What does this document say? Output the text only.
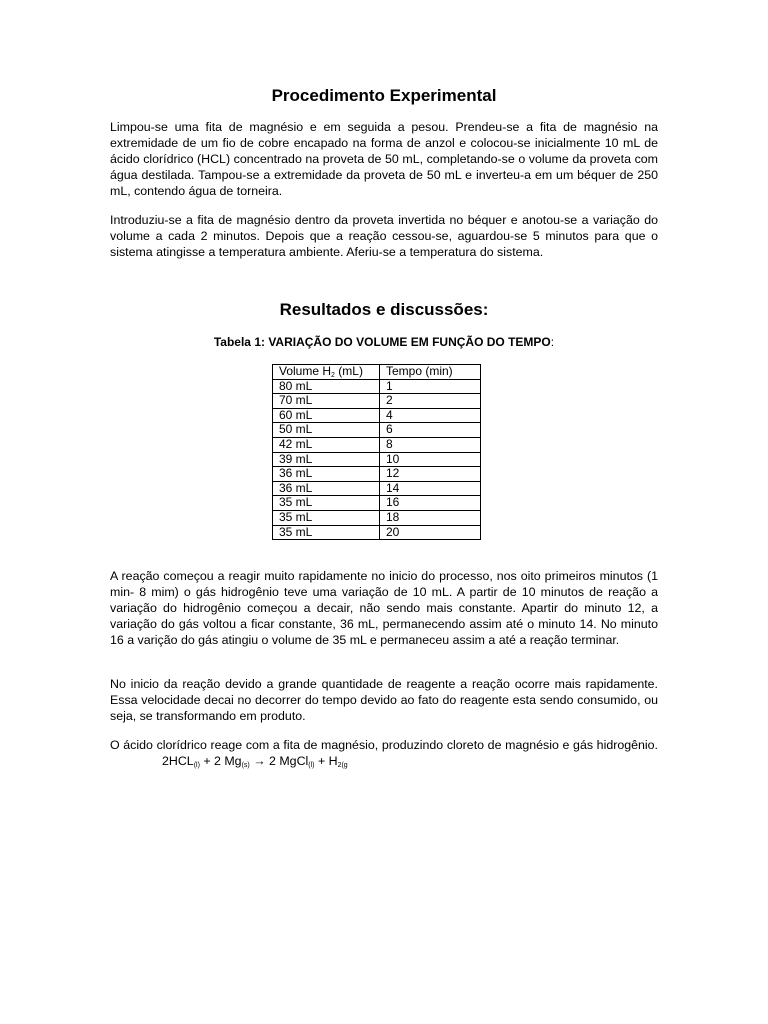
Procedimento Experimental

Limpou-se uma fita de magnésio e em seguida a pesou. Prendeu-se a fita de magnésio na extremidade de um fio de cobre encapado na forma de anzol e colocou-se inicialmente 10 mL de ácido clorídrico (HCL) concentrado na proveta de 50 mL, completando-se o volume da proveta com água destilada. Tampou-se a extremidade da proveta de 50 mL e inverteu-a em um béquer de 250 mL, contendo água de torneira.

Introduziu-se a fita de magnésio dentro da proveta invertida no béquer e anotou-se a variação do volume a cada 2 minutos. Depois que a reação cessou-se, aguardou-se 5 minutos para que o sistema atingisse a temperatura ambiente. Aferiu-se a temperatura do sistema.

Resultados e discussões:
Tabela 1: VARIAÇÃO DO VOLUME EM FUNÇÃO DO TEMPO:
Volume $H_2$ (mL)	Tempo (min)
80 mL	1
70 mL	2
60 mL	4
50 mL	6
42 mL	8
39 mL	10
36 mL	12
36 mL	14
35 mL	16
35 mL	18
35 mL	20

A reação começou a reagir muito rapidamente no inicio do processo, nos oito primeiros minutos (1 min- 8 mim) o gás hidrogênio teve uma variação de 10 mL. A partir de 10 minutos de reação a variação do hidrogênio começou a decair, não sendo mais constante. Apartir do minuto 12, a variação do gás voltou a ficar constante, 36 mL, permanecendo assim até o minuto 14. No minuto 16 a varição do gás atingiu o volume de 35 mL e permaneceu assim a até a reação terminar.

No inicio da reação devido a grande quantidade de reagente a reação ocorre mais rapidamente. Essa velocidade decai no decorrer do tempo devido ao fato do reagente esta sendo consumido, ou seja, se transformando em produto.

O ácido clorídrico reage com a fita de magnésio, produzindo cloreto de magnésio e gás $hidrogênio.2HCL_{(l)} + 2$ $Mg_{(s)} \to 2$ MgCl$_{(l)}$ + $H_{2(g}$
